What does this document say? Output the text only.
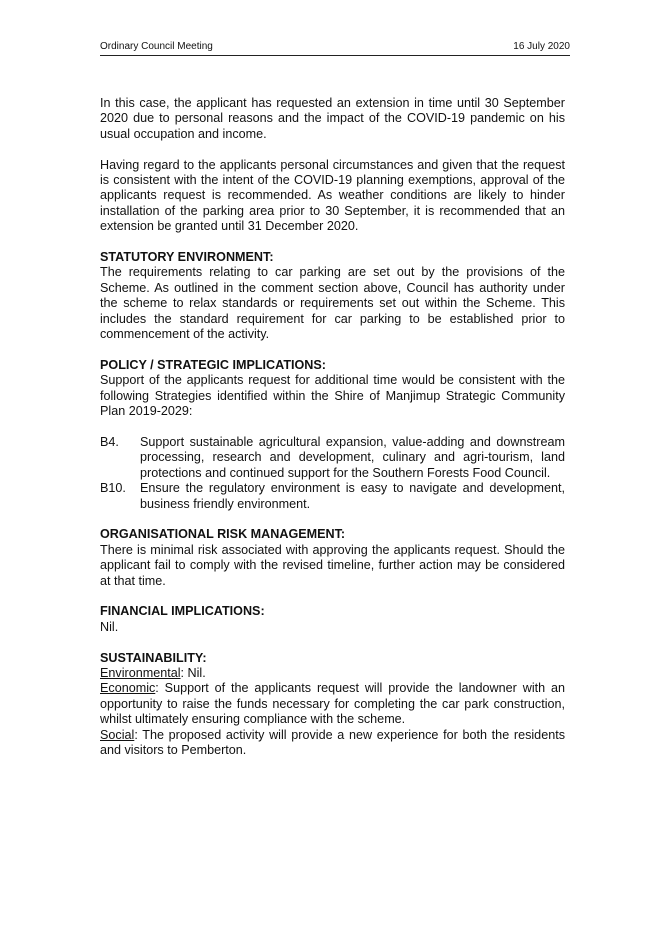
Ordinary Council Meeting	16 July 2020

In this case, the applicant has requested an extension in time until 30 September 2020 due to personal reasons and the impact of the COVID-19 pandemic on his usual occupation and income.

Having regard to the applicants personal circumstances and given that the request is consistent with the intent of the COVID-19 planning exemptions, approval of the applicants request is recommended. As weather conditions are likely to hinder installation of the parking area prior to 30 September, it is recommended that an extension be granted until 31 December 2020.

STATUTORY ENVIRONMENT:

The requirements relating to car parking are set out by the provisions of the Scheme. As outlined in the comment section above, Council has authority under the scheme to relax standards or requirements set out within the Scheme. This includes the standard requirement for car parking to be established prior to commencement of the activity.

POLICY / STRATEGIC IMPLICATIONS:

Support of the applicants request for additional time would be consistent with the following Strategies identified within the Shire of Manjimup Strategic Community Plan 2019-2029:

B4.	Support sustainable agricultural expansion, value-adding and downstream processing, research and development, culinary and agri-tourism, land protections and continued support for the Southern Forests Food Council.
B10.	Ensure the regulatory environment is easy to navigate and development, business friendly environment.
ORGANISATIONAL RISK MANAGEMENT:

There is minimal risk associated with approving the applicants request. Should the applicant fail to comply with the revised timeline, further action may be considered at that time.

FINANCIAL IMPLICATIONS:

Nil.

SUSTAINABILITY:

Environmental: Nil.

Economic: Support of the applicants request will provide the landowner with an opportunity to raise the funds necessary for completing the car park construction, whilst ultimately ensuring compliance with the scheme.

Social: The proposed activity will provide a new experience for both the residents and visitors to Pemberton.
